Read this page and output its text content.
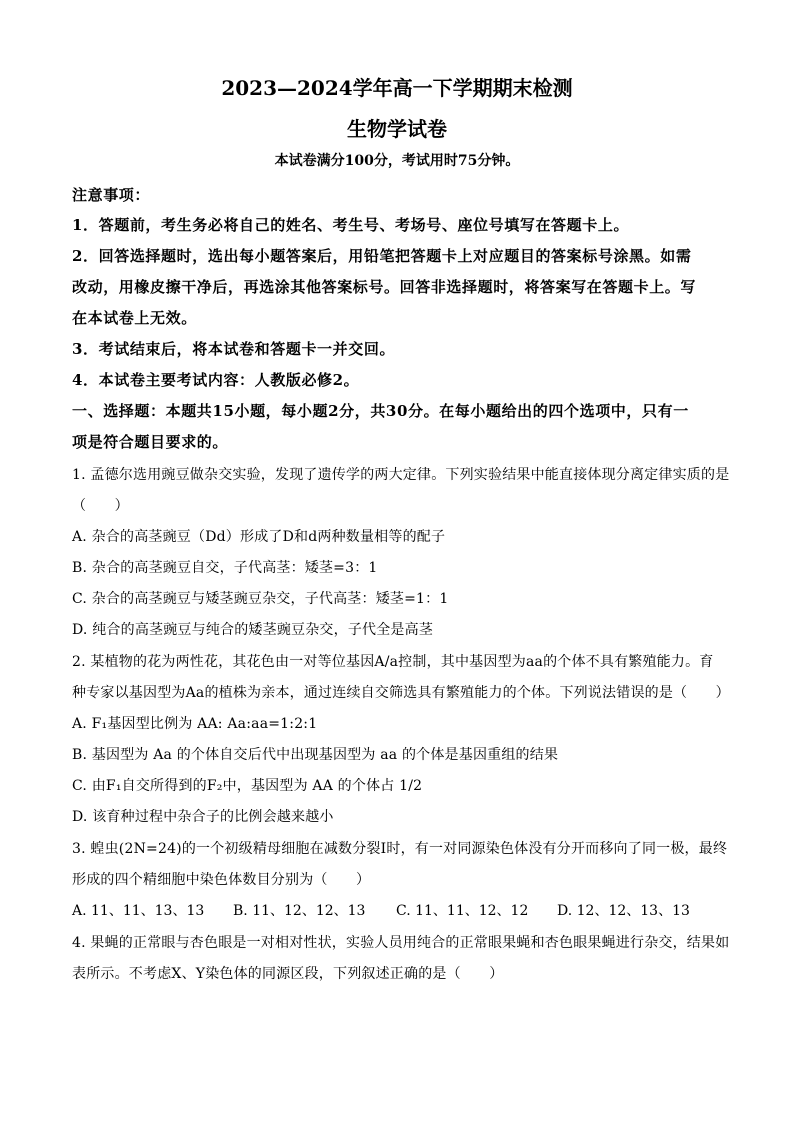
2023—2024学年高一下学期期末检测
生物学试卷
本试卷满分100分，考试用时75分钟。
注意事项：
1．答题前，考生务必将自己的姓名、考生号、考场号、座位号填写在答题卡上。
2．回答选择题时，选出每小题答案后，用铅笔把答题卡上对应题目的答案标号涂黑。如需
改动，用橡皮擦干净后，再选涂其他答案标号。回答非选择题时，将答案写在答题卡上。写
在本试卷上无效。
3．考试结束后，将本试卷和答题卡一并交回。
4．本试卷主要考试内容：人教版必修2。
一、选择题：本题共15小题，每小题2分，共30分。在每小题给出的四个选项中，只有一
项是符合题目要求的。
1. 孟德尔选用豌豆做杂交实验，发现了遗传学的两大定律。下列实验结果中能直接体现分离定律实质的是
（　　）
A. 杂合的高茎豌豆（Dd）形成了D和d两种数量相等的配子
B. 杂合的高茎豌豆自交，子代高茎：矮茎=3：1
C. 杂合的高茎豌豆与矮茎豌豆杂交，子代高茎：矮茎=1：1
D. 纯合的高茎豌豆与纯合的矮茎豌豆杂交，子代全是高茎
2. 某植物的花为两性花，其花色由一对等位基因A/a控制，其中基因型为aa的个体不具有繁殖能力。育
种专家以基因型为Aa的植株为亲本，通过连续自交筛选具有繁殖能力的个体。下列说法错误的是（　　）
A. F₁基因型比例为 AA: Aa:aa=1:2:1
B. 基因型为 Aa 的个体自交后代中出现基因型为 aa 的个体是基因重组的结果
C. 由F₁自交所得到的F₂中，基因型为 AA 的个体占 1/2
D. 该育种过程中杂合子的比例会越来越小
3. 蝗虫(2N=24)的一个初级精母细胞在减数分裂Ⅰ时，有一对同源染色体没有分开而移向了同一极，最终
形成的四个精细胞中染色体数目分别为（　　）
A. 11、11、13、13 B. 11、12、12、13 C. 11、11、12、12 D. 12、12、13、13
4. 果蝇的正常眼与杏色眼是一对相对性状，实验人员用纯合的正常眼果蝇和杏色眼果蝇进行杂交，结果如
表所示。不考虑X、Y染色体的同源区段，下列叙述正确的是（　　）
